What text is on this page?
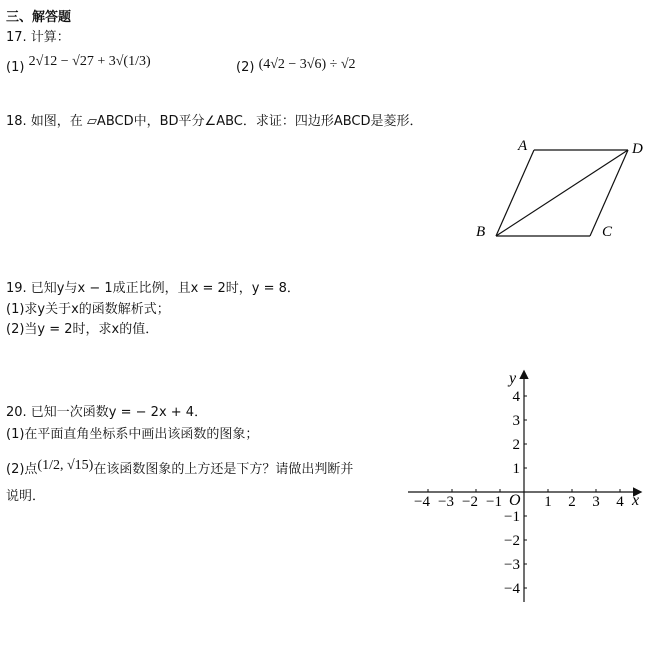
三、解答题
17. 计算：
(1) 2√12 − √27 + 3√(1/3)	(2) (4√2 − 3√6) ÷ √2
18. 如图，在 ▱ABCD中，BD平分∠ABC．求证：四边形ABCD是菱形．
A	D
B	C
19. 已知y与x − 1成正比例，且x = 2时，y = 8．
(1)求y关于x的函数解析式；
(2)当y = 2时，求x的值．
20. 已知一次函数y = − 2x + 4．
(1)在平面直角坐标系中画出该函数的图象；
(2)点(1/2, √15)在该函数图象的上方还是下方？请做出判断并
说明．	x
y
O
−4 −3 −2 −1	1 2 3 4
4
3
2
1
−1
−2
−3
−4
